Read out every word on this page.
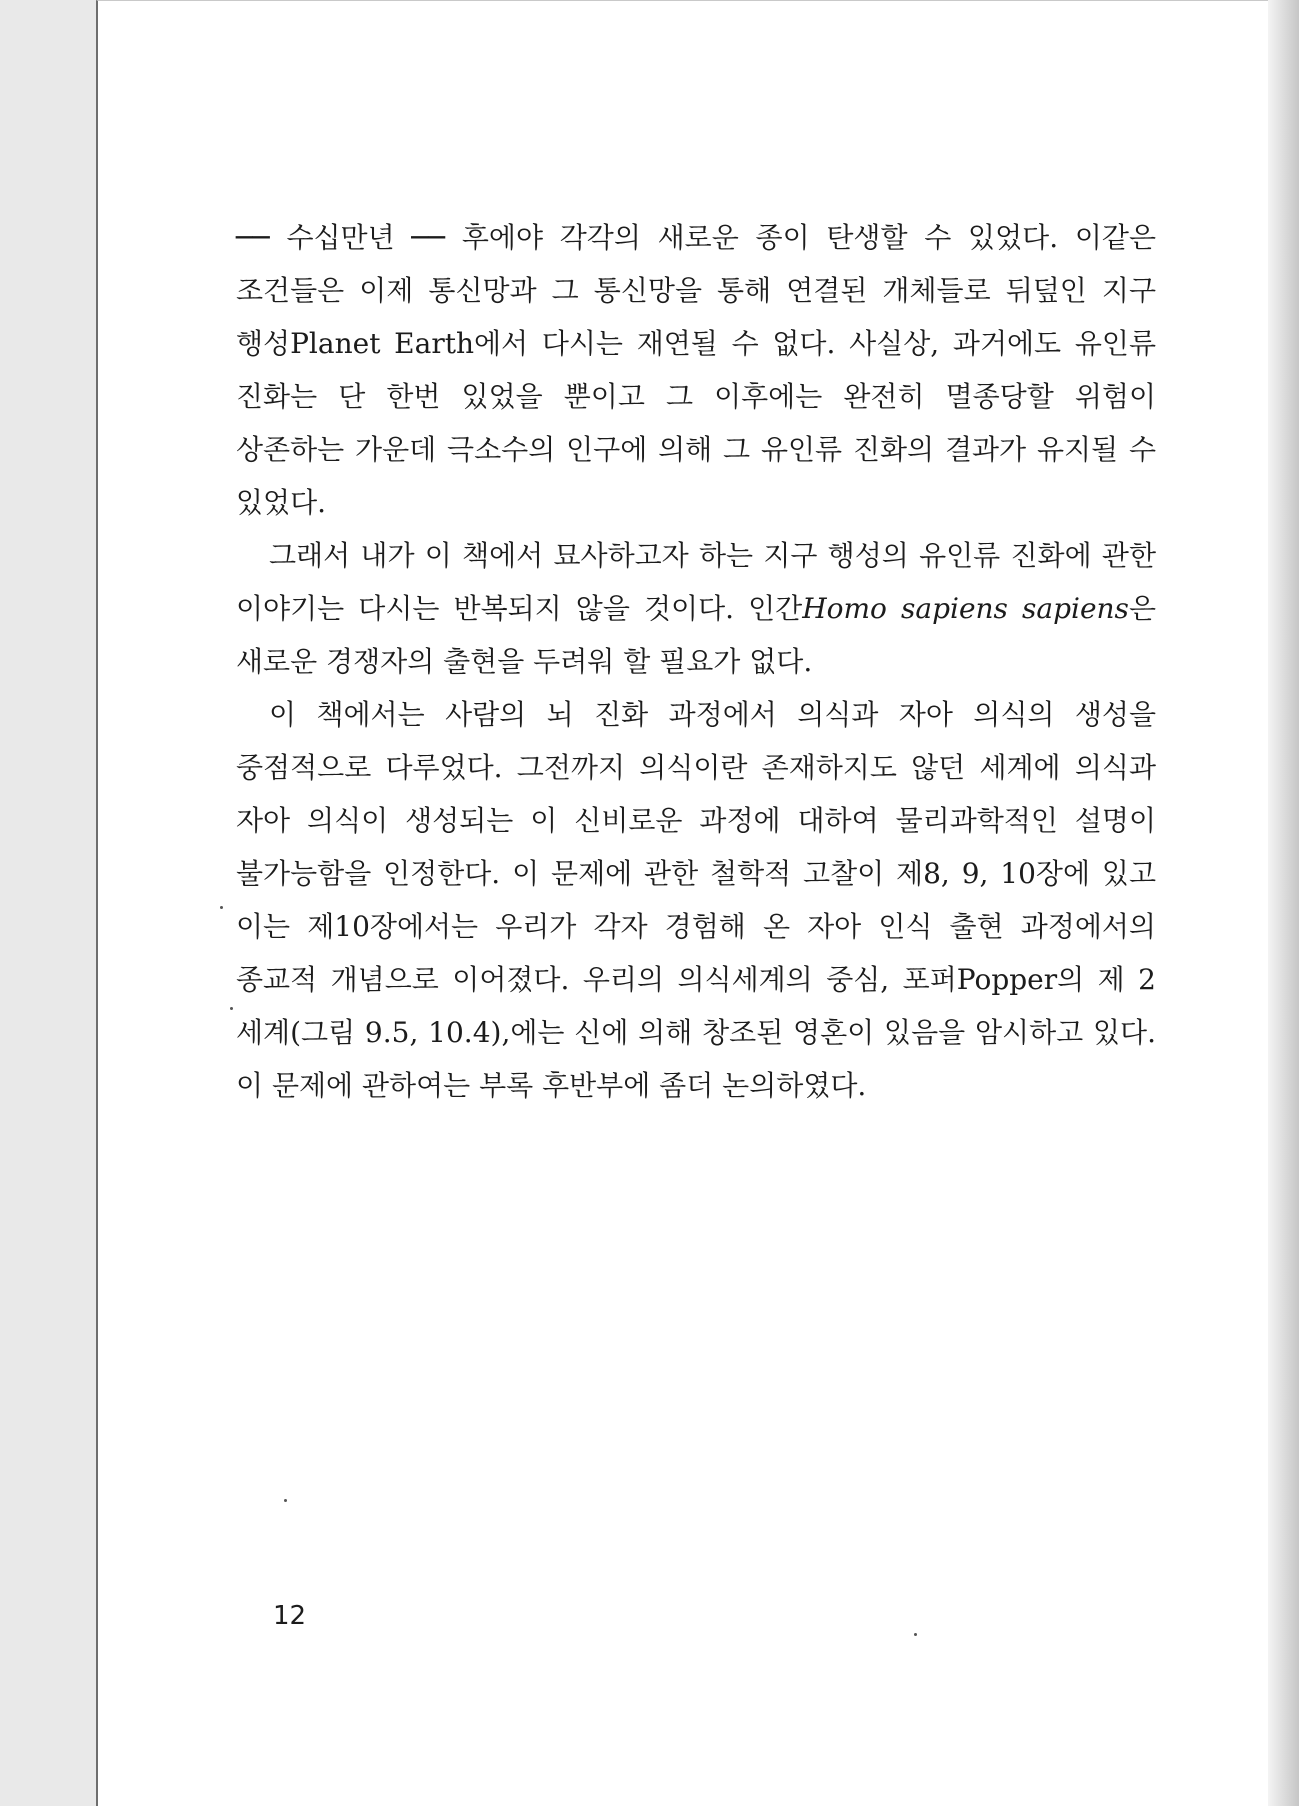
── 수십만년 ── 후에야 각각의 새로운 종이 탄생할 수 있었다. 이같은 조건들은 이제 통신망과 그 통신망을 통해 연결된 개체들로 뒤덮인 지구 행성Planet Earth에서 다시는 재연될 수 없다. 사실상, 과거에도 유인류 진화는 단 한번 있었을 뿐이고 그 이후에는 완전히 멸종당할 위험이 상존하는 가운데 극소수의 인구에 의해 그 유인류 진화의 결과가 유지될 수 있었다.

그래서 내가 이 책에서 묘사하고자 하는 지구 행성의 유인류 진화에 관한 이야기는 다시는 반복되지 않을 것이다. 인간Homo sapiens sapiens은 새로운 경쟁자의 출현을 두려워 할 필요가 없다.

이 책에서는 사람의 뇌 진화 과정에서 의식과 자아 의식의 생성을 중점적으로 다루었다. 그전까지 의식이란 존재하지도 않던 세계에 의식과 자아 의식이 생성되는 이 신비로운 과정에 대하여 물리과학적인 설명이 불가능함을 인정한다. 이 문제에 관한 철학적 고찰이 제8, 9, 10장에 있고 이는 제10장에서는 우리가 각자 경험해 온 자아 인식 출현 과정에서의 종교적 개념으로 이어졌다. 우리의 의식세계의 중심, 포퍼Popper의 제 2 세계(그림 9.5, 10.4),에는 신에 의해 창조된 영혼이 있음을 암시하고 있다. 이 문제에 관하여는 부록 후반부에 좀더 논의하였다.

12
